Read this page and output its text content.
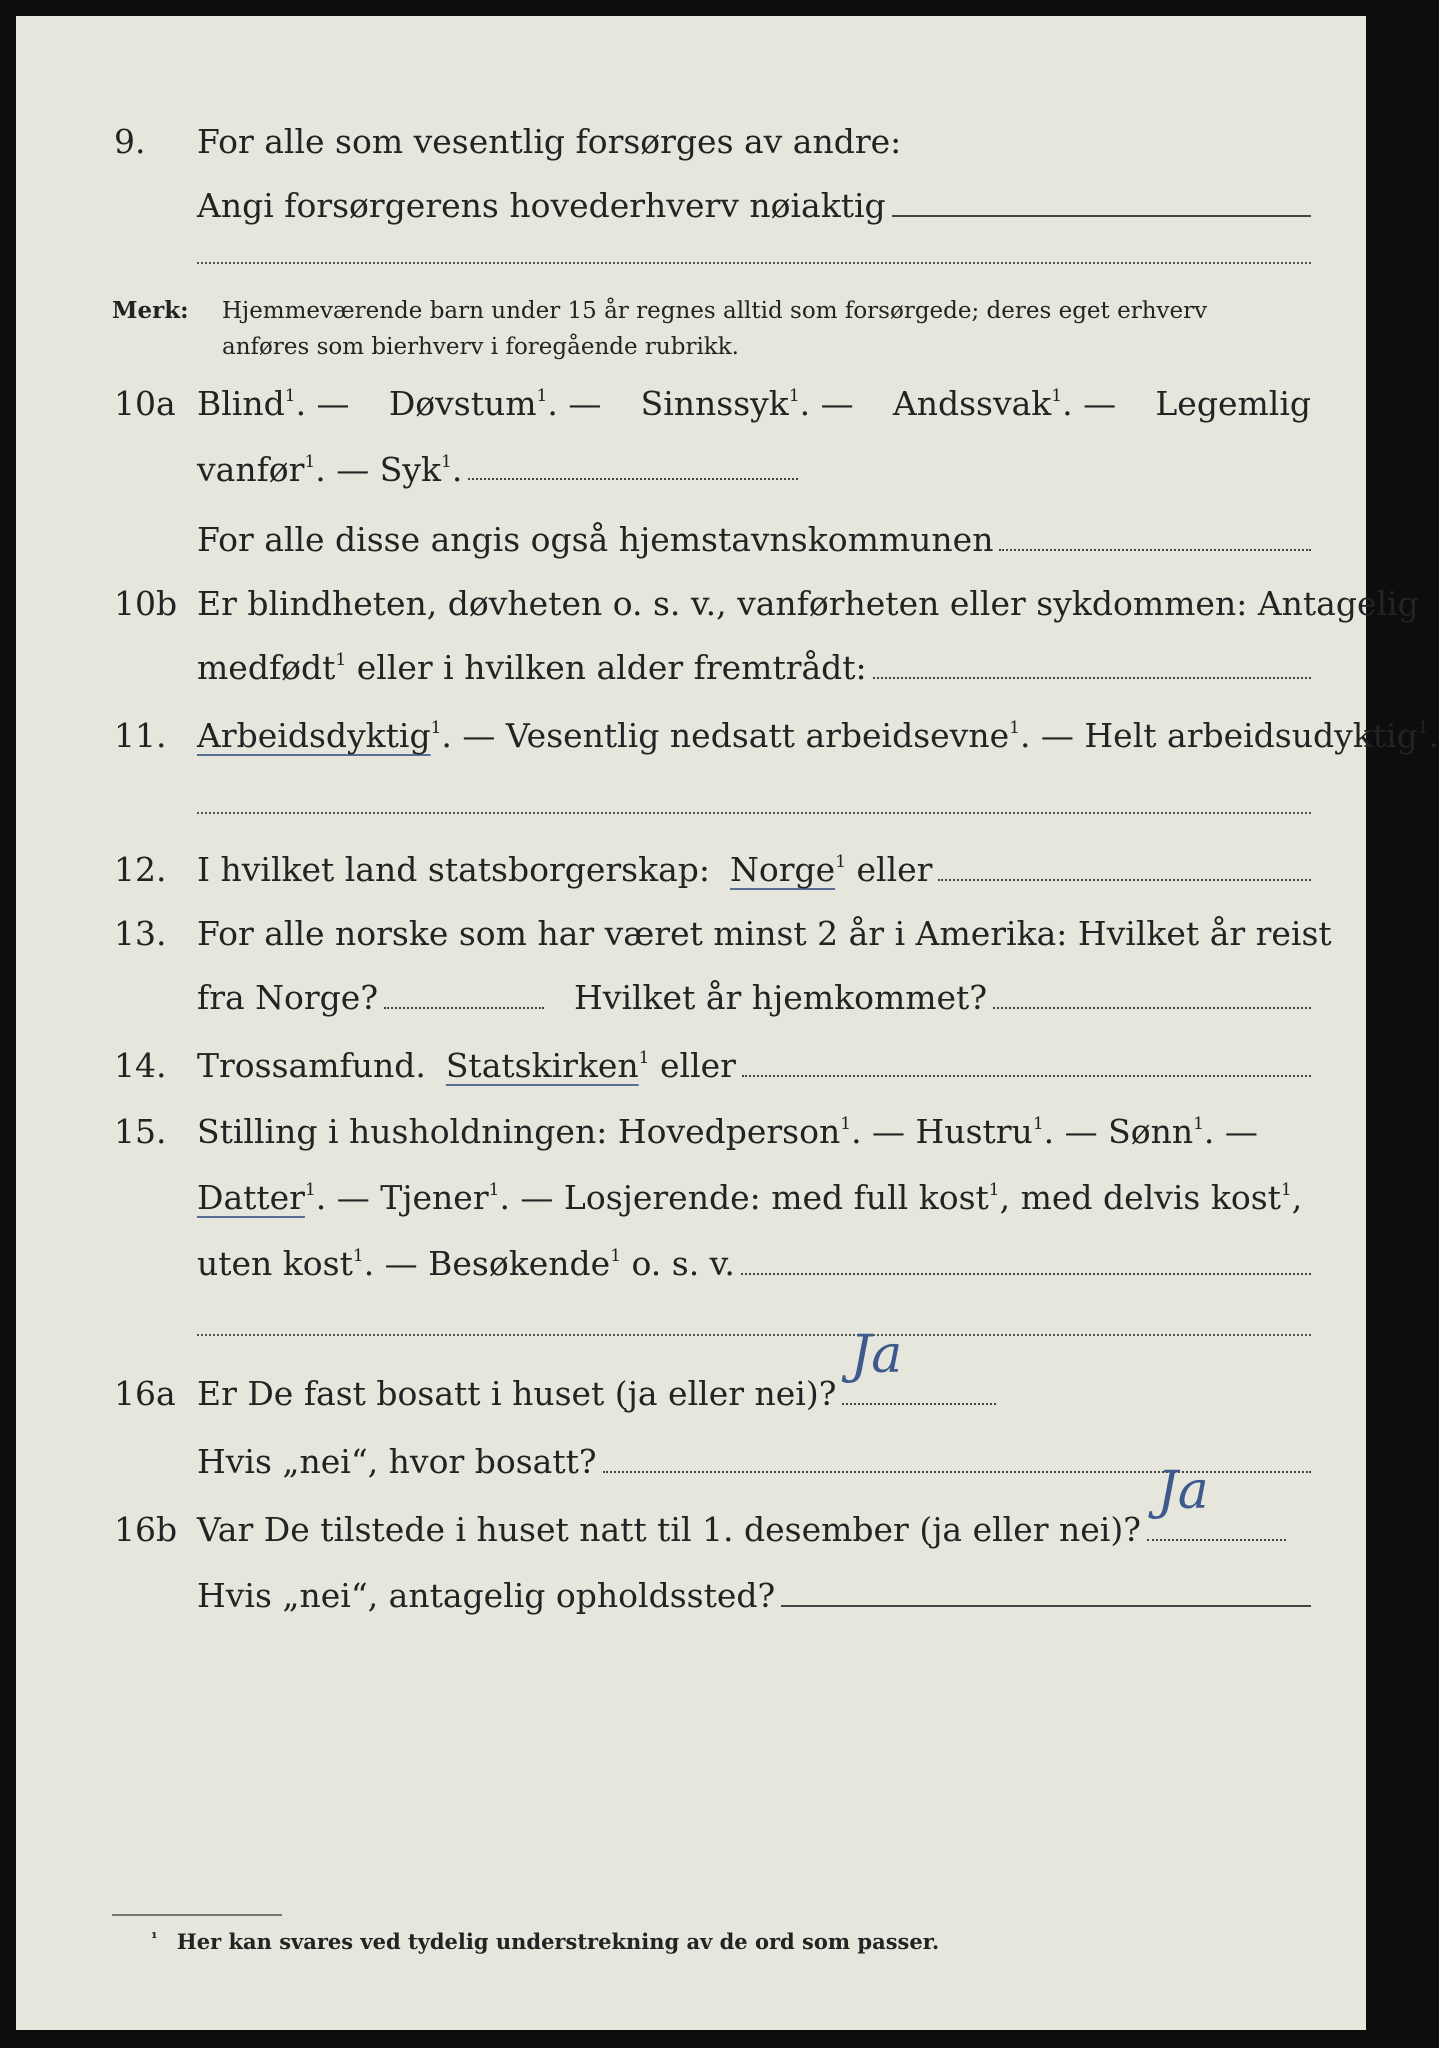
9. For alle som vesentlig forsørges av andre:
Angi forsørgerens hovederhverv nøiaktig
Merk: Hjemmeværende barn under 15 år regnes alltid som forsørgede; deres eget erhverv
anføres som bierhverv i foregående rubrikk.
10a Blind$^1$. — Døvstum$^1$. — Sinnssyk$^1$. — Andssvak$^1$. — Legemlig
vanfør$^1$. — Syk$^1$.
For alle disse angis også hjemstavnskommunen
10b Er blindheten, døvheten o. s. v., vanførheten eller sykdommen: Antagelig
medfødt$^1$ eller i hvilken alder fremtrådt:
11. Arbeidsdyktig$^1$. — Vesentlig nedsatt arbeidsevne$^1$. — Helt arbeidsudyktig$^1$.
12. I hvilket land statsborgerskap: Norge $^1$ eller
13. For alle norske som har været minst 2 år i Amerika: Hvilket år reist
fra Norge?	Hvilket år hjemkommet?
14. Trossamfund. Statskirken $^1$ eller
15. Stilling i husholdningen: Hovedperson$^1$. — Hustru$^1$. — Sønn$^1$. —
Datter$^1$. — Tjener$^1$. — Losjerende: med full kost$^1$, med delvis kost$^1$,
uten kost$^1$. — Besøkende$^1$ o. s. v.
16a Er De fast bosatt i huset (ja eller nei)?
Ja
Hvis „nei“, hvor bosatt?
16b Var De tilstede i huset natt til 1. desember (ja eller nei)?
Ja
Hvis „nei“, antagelig opholdssted?
$^{^1}$ Her kan svares ved tydelig understrekning av de ord som passer.
